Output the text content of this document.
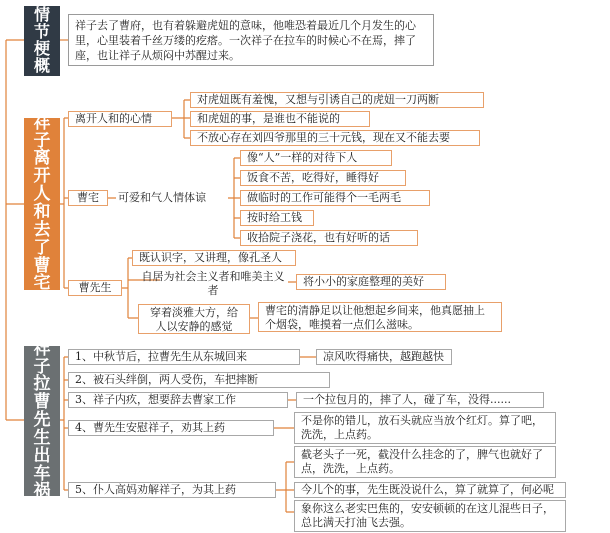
情
节
梗
概
祥子去了曹府，也有着躲避虎妞的意味，他唯恐着最近几个月发生的心里，心里装着千丝万缕的疙瘩。一次祥子在拉车的时候心不在焉，摔了座，也让祥子从烦闷中苏醒过来。
祥
子
离
开
人
和
去
了
曹
宅
离开人和的心情
对虎妞既有羞愧，又想与引诱自己的虎妞一刀两断
和虎妞的事，是谁也不能说的
不放心存在刘四爷那里的三十元钱，现在又不能去要
曹宅	可爱和气人情体谅
像“人”一样的对待下人
饭食不苦，吃得好，睡得好
做临时的工作可能得个一毛两毛
按时给工钱
收拾院子浇花，也有好听的话
曹先生
既认识字，又讲理，像孔圣人
自居为社会主义者和唯美主义者
将小小的家庭整理的美好
穿着淡雅大方，给人以安静的感觉
曹宅的清静足以让他想起乡间来，他真愿抽上个烟袋，唯摸着一点们么滋味。
祥
子
拉
曹
先
生
出
车
祸
1、中秋节后，拉曹先生从东城回来	凉风吹得痛快，越跑越快
2、被石头绊倒，两人受伤，车把摔断
3、祥子内疚，想要辞去曹家工作	一个拉包月的，摔了人，碰了车，没得......
4、曹先生安慰祥子，劝其上药
不是你的错儿，放石头就应当放个红灯。算了吧，洗洗，上点药。
5、仆人高妈劝解祥子，为其上药
截老头子一死，截没什么挂念的了，脾气也就好了点，洗洗，上点药。
今儿个的事，先生既没说什么，算了就算了，何必呢
象你这么老实巴焦的，安安顿顿的在这儿混些日子，总比满天打油飞去强。
